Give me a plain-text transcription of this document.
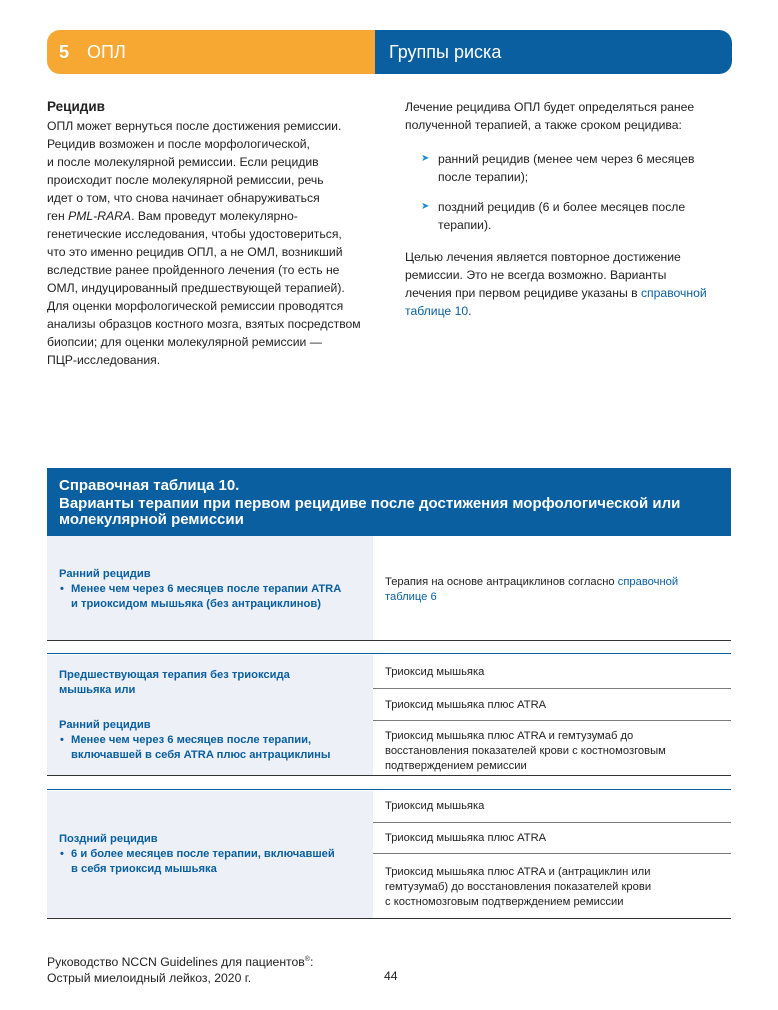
5 ОПЛ	Группы риска
Рецидив

ОПЛ может вернуться после достижения ремиссии.
Рецидив возможен и после морфологической,
и после молекулярной ремиссии. Если рецидив
происходит после молекулярной ремиссии, речь
идет о том, что снова начинает обнаруживаться
ген PML-RARA. Вам проведут молекулярно-
генетические исследования, чтобы удостовериться,
что это именно рецидив ОПЛ, а не ОМЛ, возникший
вследствие ранее пройденного лечения (то есть не
ОМЛ, индуцированный предшествующей терапией).
Для оценки морфологической ремиссии проводятся
анализы образцов костного мозга, взятых посредством
биопсии; для оценки молекулярной ремиссии —
ПЦР-исследования.

Лечение рецидива ОПЛ будет определяться ранее
полученной терапией, а также сроком рецидива:

➤ ранний рецидив (менее чем через 6 месяцев
после терапии);
➤ поздний рецидив (6 и более месяцев после
терапии).

Целью лечения является повторное достижение
ремиссии. Это не всегда возможно. Варианты
лечения при первом рецидиве указаны в справочной
таблице 10.

Справочная таблица 10.
Варианты терапии при первом рецидиве после достижения морфологической или молекулярной ремиссии
Ранний рецидив
• Менее чем через 6 месяцев после терапии ATRA
и триоксидом мышьяка (без антрациклинов)
Терапия на основе антрациклинов согласно справочной
таблице 6
Предшествующая терапия без триоксида
мышьяка или
Ранний рецидив
• Менее чем через 6 месяцев после терапии,
включавшей в себя ATRA плюс антрациклины
Триоксид мышьяка
Триоксид мышьяка плюс ATRA
Триоксид мышьяка плюс ATRA и гемтузумаб до
восстановления показателей крови с костномозговым
подтверждением ремиссии
Поздний рецидив
• 6 и более месяцев после терапии, включавшей
в себя триоксид мышьяка
Триоксид мышьяка
Триоксид мышьяка плюс ATRA
Триоксид мышьяка плюс ATRA и (антрациклин или
гемтузумаб) до восстановления показателей крови
с костномозговым подтверждением ремиссии
Руководство NCCN Guidelines для пациентов®:
Острый миелоидный лейкоз, 2020 г.	44
